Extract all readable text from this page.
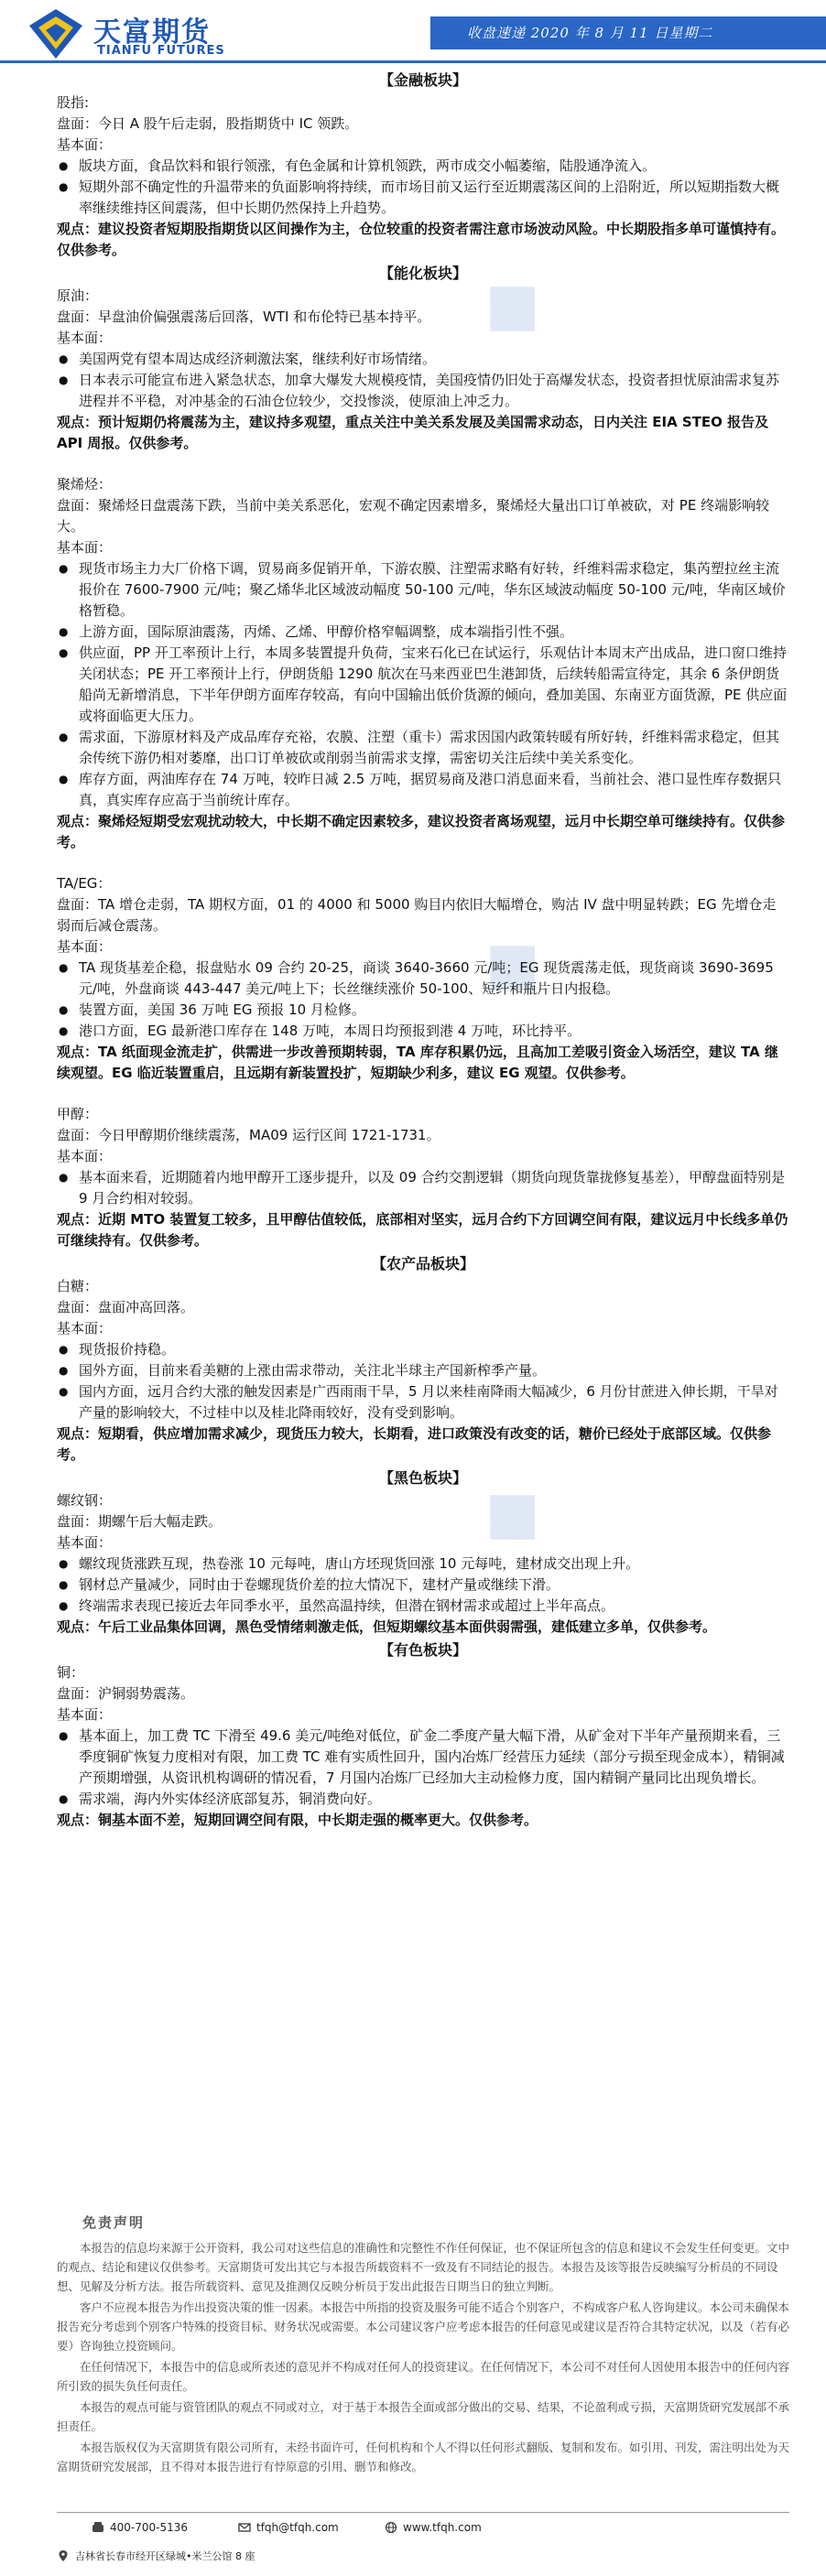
天富期货
TIANFU FUTURES
收盘速递 2020 年 8 月 11 日星期二
◆
◆
◆
【金融板块】
股指:
盘面：今日 A 股午后走弱，股指期货中 IC 领跌。
基本面：
● 版块方面，食品饮料和银行领涨，有色金属和计算机领跌，两市成交小幅萎缩，陆股通净流入。
● 短期外部不确定性的升温带来的负面影响将持续，而市场目前又运行至近期震荡区间的上沿附近，所以短期指数大概率继续维持区间震荡，但中长期仍然保持上升趋势。
观点：建议投资者短期股指期货以区间操作为主，仓位较重的投资者需注意市场波动风险。中长期股指多单可谨慎持有。仅供参考。
【能化板块】
原油：
盘面：早盘油价偏强震荡后回落，WTI 和布伦特已基本持平。
基本面：
● 美国两党有望本周达成经济刺激法案，继续利好市场情绪。
● 日本表示可能宣布进入紧急状态，加拿大爆发大规模疫情，美国疫情仍旧处于高爆发状态，投资者担忧原油需求复苏进程并不平稳，对冲基金的石油仓位较少，交投惨淡，使原油上冲乏力。
观点：预计短期仍将震荡为主，建议持多观望，重点关注中美关系发展及美国需求动态，日内关注 EIA STEO 报告及 API 周报。仅供参考。
聚烯烃：
盘面：聚烯烃日盘震荡下跌，当前中美关系恶化，宏观不确定因素增多，聚烯烃大量出口订单被砍，对 PE 终端影响较大。
基本面：
● 现货市场主力大厂价格下调，贸易商多促销开单，下游农膜、注塑需求略有好转，纤维料需求稳定，集芮塑拉丝主流报价在 7600-7900 元/吨；聚乙烯华北区域波动幅度 50-100 元/吨，华东区域波动幅度 50-100 元/吨，华南区域价格暂稳。
● 上游方面，国际原油震荡，丙烯、乙烯、甲醇价格窄幅调整，成本端指引性不强。
● 供应面，PP 开工率预计上行，本周多装置提升负荷，宝来石化已在试运行，乐观估计本周末产出成品，进口窗口维持关闭状态；PE 开工率预计上行，伊朗货船 1290 航次在马来西亚巴生港卸货，后续转船需宣待定，其余 6 条伊朗货船尚无新增消息，下半年伊朗方面库存较高，有向中国输出低价货源的倾向，叠加美国、东南亚方面货源，PE 供应面或将面临更大压力。
● 需求面，下游原材料及产成品库存充裕，农膜、注塑（重卡）需求因国内政策转暖有所好转，纤维料需求稳定，但其余传统下游仍相对萎靡，出口订单被砍或削弱当前需求支撑，需密切关注后续中美关系变化。
● 库存方面，两油库存在 74 万吨，较昨日减 2.5 万吨，据贸易商及港口消息面来看，当前社会、港口显性库存数据只真，真实库存应高于当前统计库存。
观点：聚烯烃短期受宏观扰动较大，中长期不确定因素较多，建议投资者离场观望，远月中长期空单可继续持有。仅供参考。
TA/EG：
盘面：TA 增仓走弱，TA 期权方面，01 的 4000 和 5000 购目内依旧大幅增仓，购沽 IV 盘中明显转跌；EG 先增仓走弱而后减仓震荡。
基本面：
● TA 现货基差企稳，报盘贴水 09 合约 20-25，商谈 3640-3660 元/吨；EG 现货震荡走低，现货商谈 3690-3695 元/吨，外盘商谈 443-447 美元/吨上下；长丝继续涨价 50-100、短纤和瓶片日内报稳。
● 装置方面，美国 36 万吨 EG 预报 10 月检修。
● 港口方面，EG 最新港口库存在 148 万吨，本周日均预报到港 4 万吨，环比持平。
观点：TA 纸面现金流走扩，供需进一步改善预期转弱，TA 库存积累仍远，且高加工差吸引资金入场活空，建议 TA 继续观望。EG 临近装置重启，且远期有新装置投扩，短期缺少利多，建议 EG 观望。仅供参考。
甲醇：
盘面：今日甲醇期价继续震荡，MA09 运行区间 1721-1731。
基本面：
● 基本面来看，近期随着内地甲醇开工逐步提升，以及 09 合约交割逻辑（期货向现货靠拢修复基差），甲醇盘面特别是 9 月合约相对较弱。
观点：近期 MTO 装置复工较多，且甲醇估值较低，底部相对坚实，远月合约下方回调空间有限，建议远月中长线多单仍可继续持有。仅供参考。
【农产品板块】
白糖：
盘面：盘面冲高回落。
基本面：
● 现货报价持稳。
● 国外方面，目前来看美糖的上涨由需求带动，关注北半球主产国新榨季产量。
● 国内方面，远月合约大涨的触发因素是广西雨雨干旱，5 月以来桂南降雨大幅减少，6 月份甘蔗进入伸长期，干旱对产量的影响较大，不过桂中以及桂北降雨较好，没有受到影响。
观点：短期看，供应增加需求减少，现货压力较大，长期看，进口政策没有改变的话，糖价已经处于底部区域。仅供参考。
【黑色板块】
螺纹钢：
盘面：期螺午后大幅走跌。
基本面：
● 螺纹现货涨跌互现，热卷涨 10 元每吨，唐山方坯现货回涨 10 元每吨，建材成交出现上升。
● 钢材总产量减少，同时由于卷螺现货价差的拉大情况下，建材产量或继续下滑。
● 终端需求表现已接近去年同季水平，虽然高温持续，但潜在钢材需求或超过上半年高点。
观点：午后工业品集体回调，黑色受情绪刺激走低，但短期螺纹基本面供弱需强，建低建立多单，仅供参考。
【有色板块】
铜：
盘面：沪铜弱势震荡。
基本面：
● 基本面上，加工费 TC 下滑至 49.6 美元/吨绝对低位，矿金二季度产量大幅下滑，从矿金对下半年产量预期来看，三季度铜矿恢复力度相对有限，加工费 TC 难有实质性回升，国内冶炼厂经营压力延续（部分亏损至现金成本），精铜减产预期增强，从资讯机构调研的情况看，7 月国内冶炼厂已经加大主动检修力度，国内精铜产量同比出现负增长。
● 需求端，海内外实体经济底部复苏，铜消费向好。
观点：铜基本面不差，短期回调空间有限，中长期走强的概率更大。仅供参考。
免责声明

本报告的信息均来源于公开资料，我公司对这些信息的准确性和完整性不作任何保证，也不保证所包含的信息和建议不会发生任何变更。文中的观点、结论和建议仅供参考。天富期货可发出其它与本报告所载资料不一致及有不同结论的报告。本报告及该等报告反映编写分析员的不同设想、见解及分析方法。报告所载资料、意见及推测仅反映分析员于发出此报告日期当日的独立判断。

客户不应视本报告为作出投资决策的惟一因素。本报告中所指的投资及服务可能不适合个别客户，不构成客户私人咨询建议。本公司未确保本报告充分考虑到个别客户特殊的投资目标、财务状况或需要。本公司建议客户应考虑本报告的任何意见或建议是否符合其特定状况，以及（若有必要）咨询独立投资顾问。

在任何情况下，本报告中的信息或所表述的意见并不构成对任何人的投资建议。在任何情况下，本公司不对任何人因使用本报告中的任何内容所引致的损失负任何责任。

本报告的观点可能与资管团队的观点不同或对立，对于基于本报告全面或部分做出的交易、结果，不论盈利或亏损，天富期货研究发展部不承担责任。

本报告版权仅为天富期货有限公司所有，未经书面许可，任何机构和个人不得以任何形式翻版、复制和发布。如引用、刊发，需注明出处为天富期货研究发展部，且不得对本报告进行有悖原意的引用、删节和修改。

400-700-5136	tfqh@tfqh.com	www.tfqh.com
吉林省长春市经开区绿城•米兰公馆 8 座
